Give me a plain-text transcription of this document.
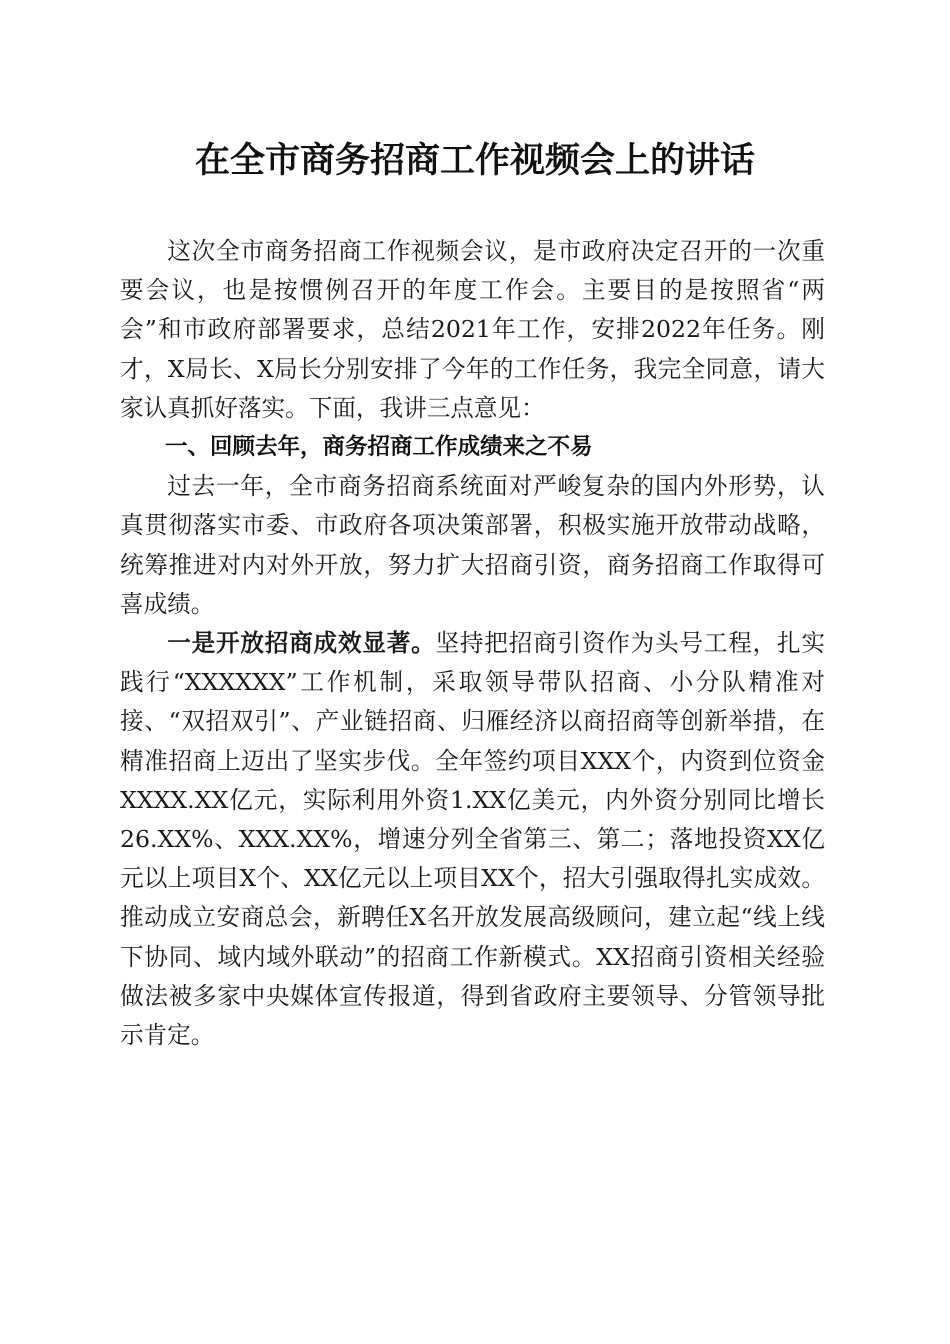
在全市商务招商工作视频会上的讲话

这次全市商务招商工作视频会议，是市政府决定召开的一次重要会议，也是按惯例召开的年度工作会。主要目的是按照省“两会”和市政府部署要求，总结2021年工作，安排2022年任务。刚才，X局长、X局长分别安排了今年的工作任务，我完全同意，请大家认真抓好落实。下面，我讲三点意见：

一、回顾去年，商务招商工作成绩来之不易

过去一年，全市商务招商系统面对严峻复杂的国内外形势，认真贯彻落实市委、市政府各项决策部署，积极实施开放带动战略，统筹推进对内对外开放，努力扩大招商引资，商务招商工作取得可喜成绩。

一是开放招商成效显著。坚持把招商引资作为头号工程，扎实践行“XXXXXX”工作机制，采取领导带队招商、小分队精准对接、“双招双引”、产业链招商、归雁经济以商招商等创新举措，在精准招商上迈出了坚实步伐。全年签约项目XXX个，内资到位资金XXXX.XX亿元，实际利用外资1.XX亿美元，内外资分别同比增长26.XX%、XXX.XX%，增速分列全省第三、第二；落地投资XX亿元以上项目X个、XX亿元以上项目XX个，招大引强取得扎实成效。推动成立安商总会，新聘任X名开放发展高级顾问，建立起“线上线下协同、域内域外联动”的招商工作新模式。XX招商引资相关经验做法被多家中央媒体宣传报道，得到省政府主要领导、分管领导批示肯定。
